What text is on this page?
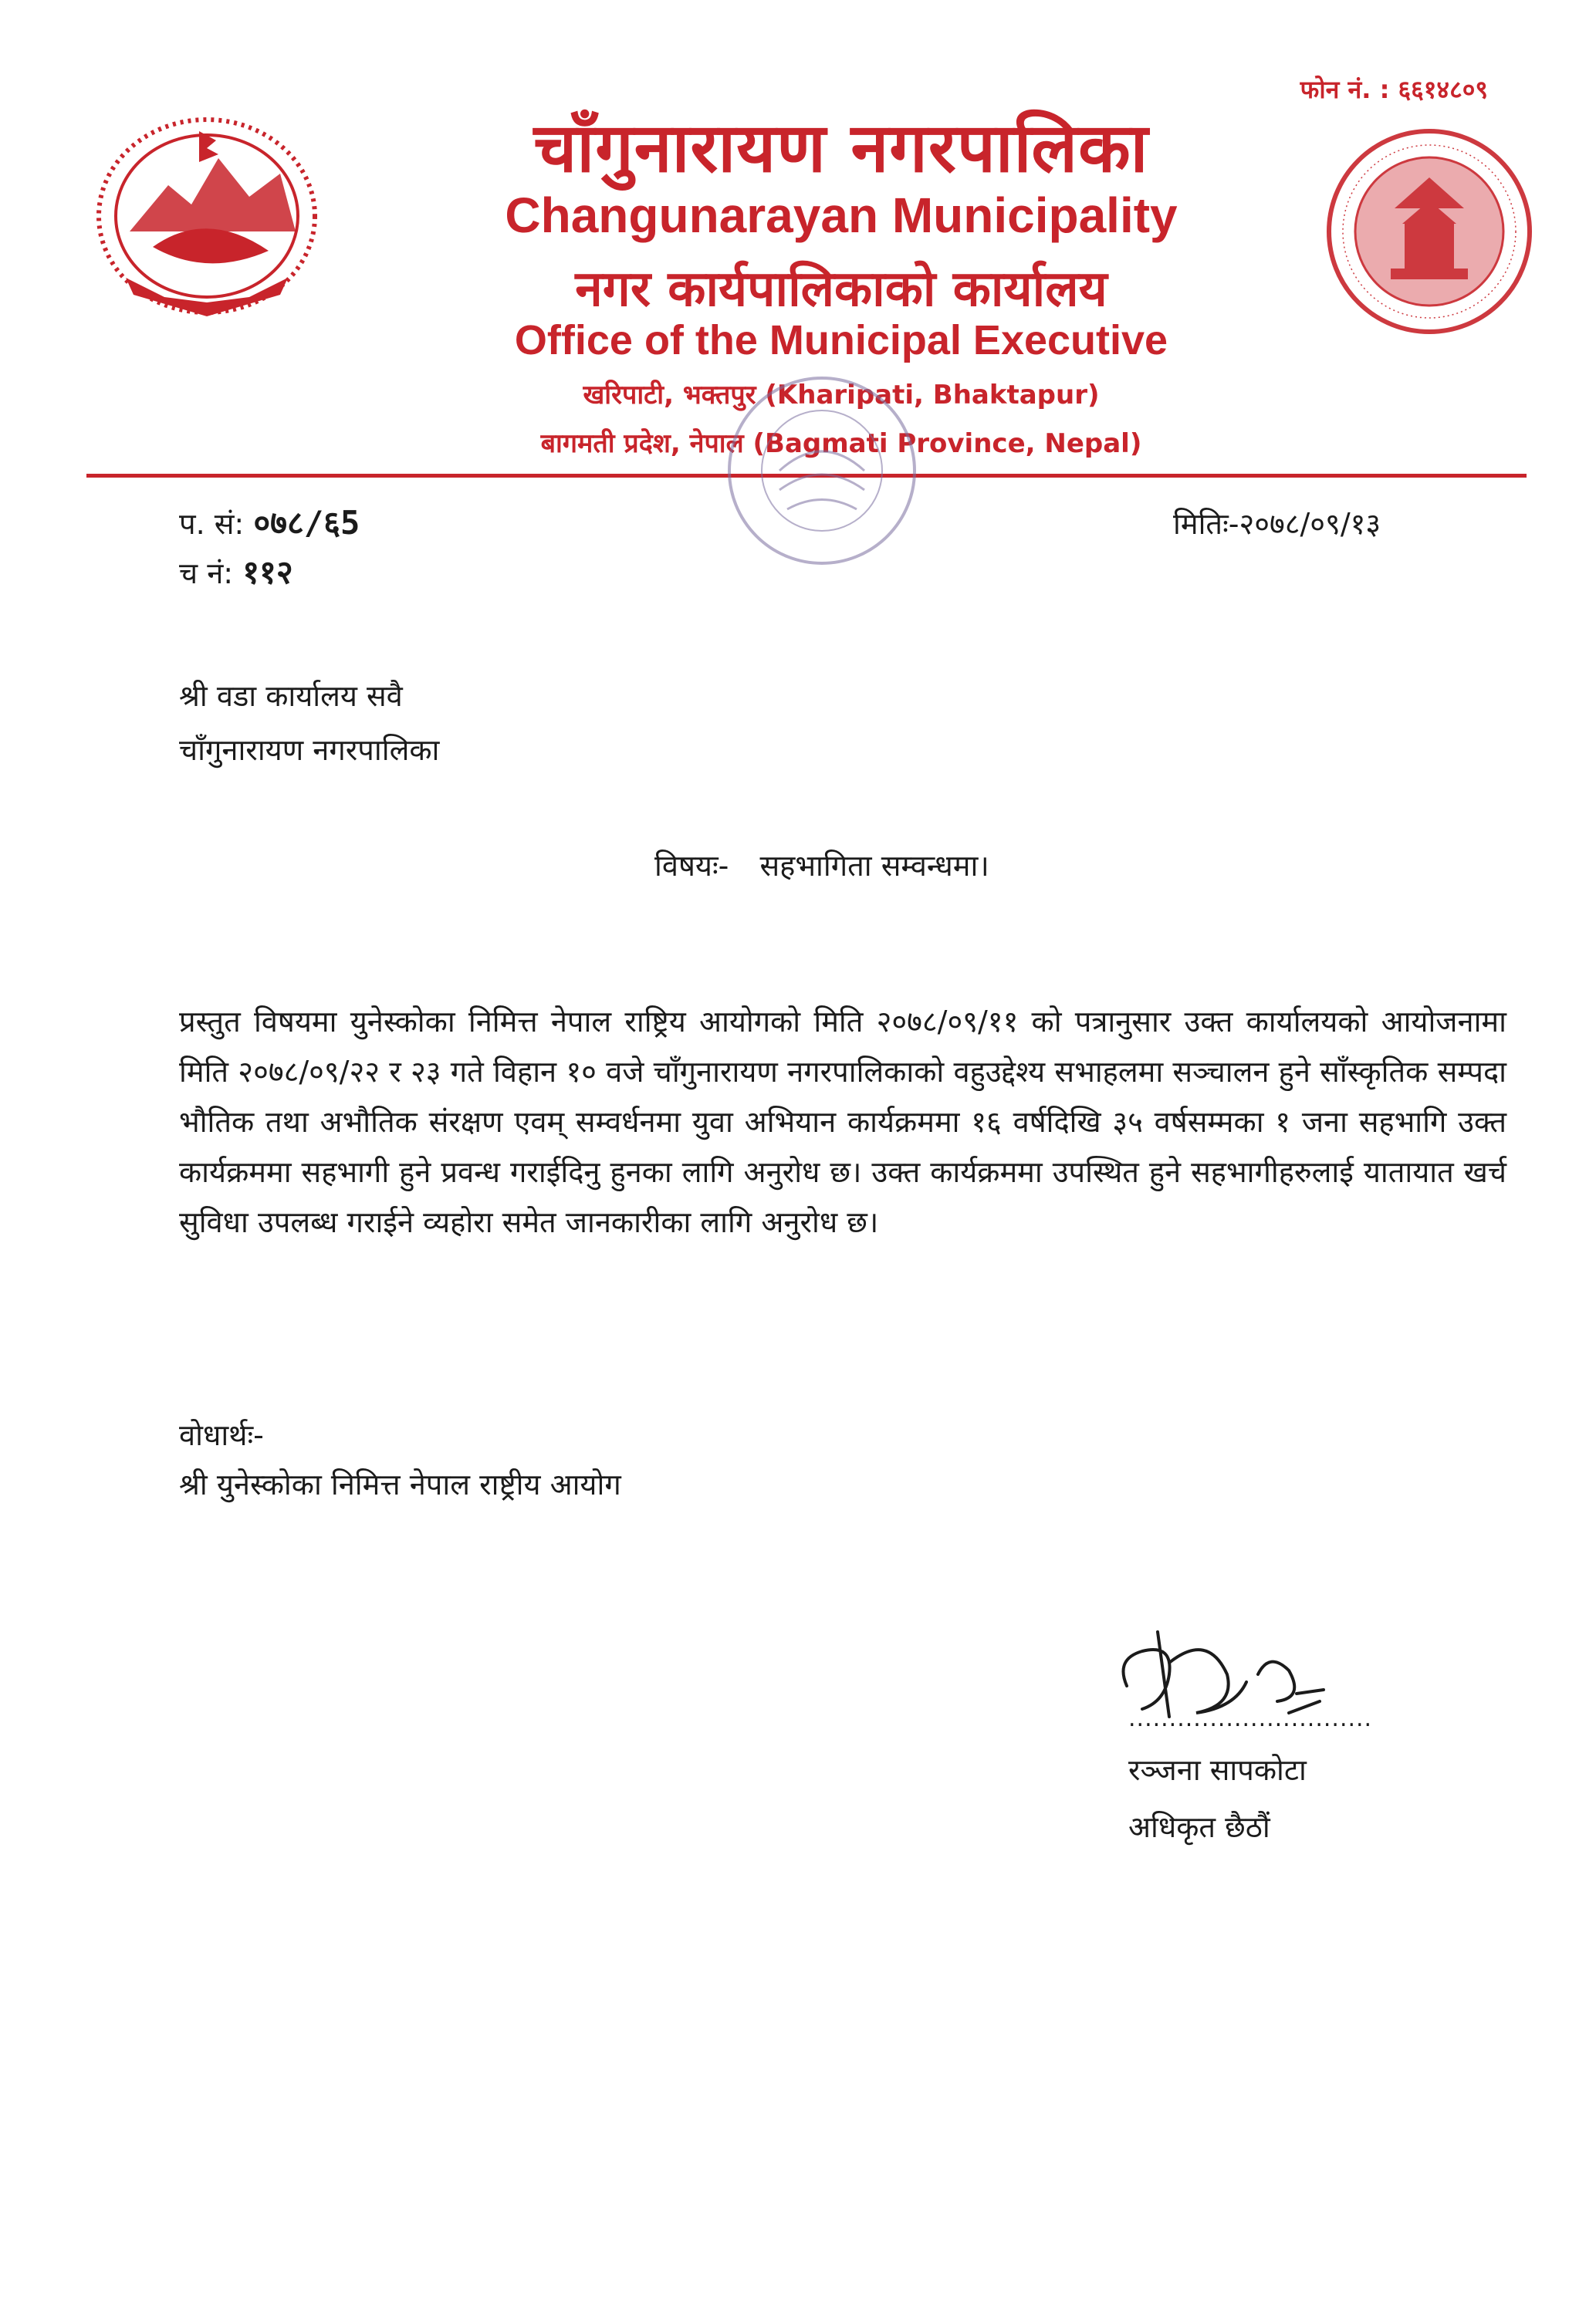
फोन नं. : ६६१४८०९
चाँगुनारायण नगरपालिका
Changunarayan Municipality
नगर कार्यपालिकाको कार्यालय
Office of the Municipal Executive
खरिपाटी, भक्तपुर (Kharipati, Bhaktapur)
बागमती प्रदेश, नेपाल (Bagmati Province, Nepal)
प. सं: ०७८/६5
च नं: ११२
मितिः-२०७८/०९/१३
श्री वडा कार्यालय सवै
चाँगुनारायण नगरपालिका
विषयः- सहभागिता सम्वन्धमा।
प्रस्तुत विषयमा युनेस्कोका निमित्त नेपाल राष्ट्रिय आयोगको मिति २०७८/०९/११ को पत्रानुसार उक्त कार्यालयको आयोजनामा मिति २०७८/०९/२२ र २३ गते विहान १० वजे चाँगुनारायण नगरपालिकाको वहुउद्देश्य सभाहलमा सञ्चालन हुने साँस्कृतिक सम्पदा भौतिक तथा अभौतिक संरक्षण एवम् सम्वर्धनमा युवा अभियान कार्यक्रममा १६ वर्षदिखि ३५ वर्षसम्मका १ जना सहभागि उक्त कार्यक्रममा सहभागी हुने प्रवन्ध गराईदिनु हुनका लागि अनुरोध छ। उक्त कार्यक्रममा उपस्थित हुने सहभागीहरुलाई यातायात खर्च सुविधा उपलब्ध गराईने व्यहोरा समेत जानकारीका लागि अनुरोध छ।
वोधार्थः-
श्री युनेस्कोका निमित्त नेपाल राष्ट्रीय आयोग
..............................
रञ्जना सापकोटा
अधिकृत छैठौं
